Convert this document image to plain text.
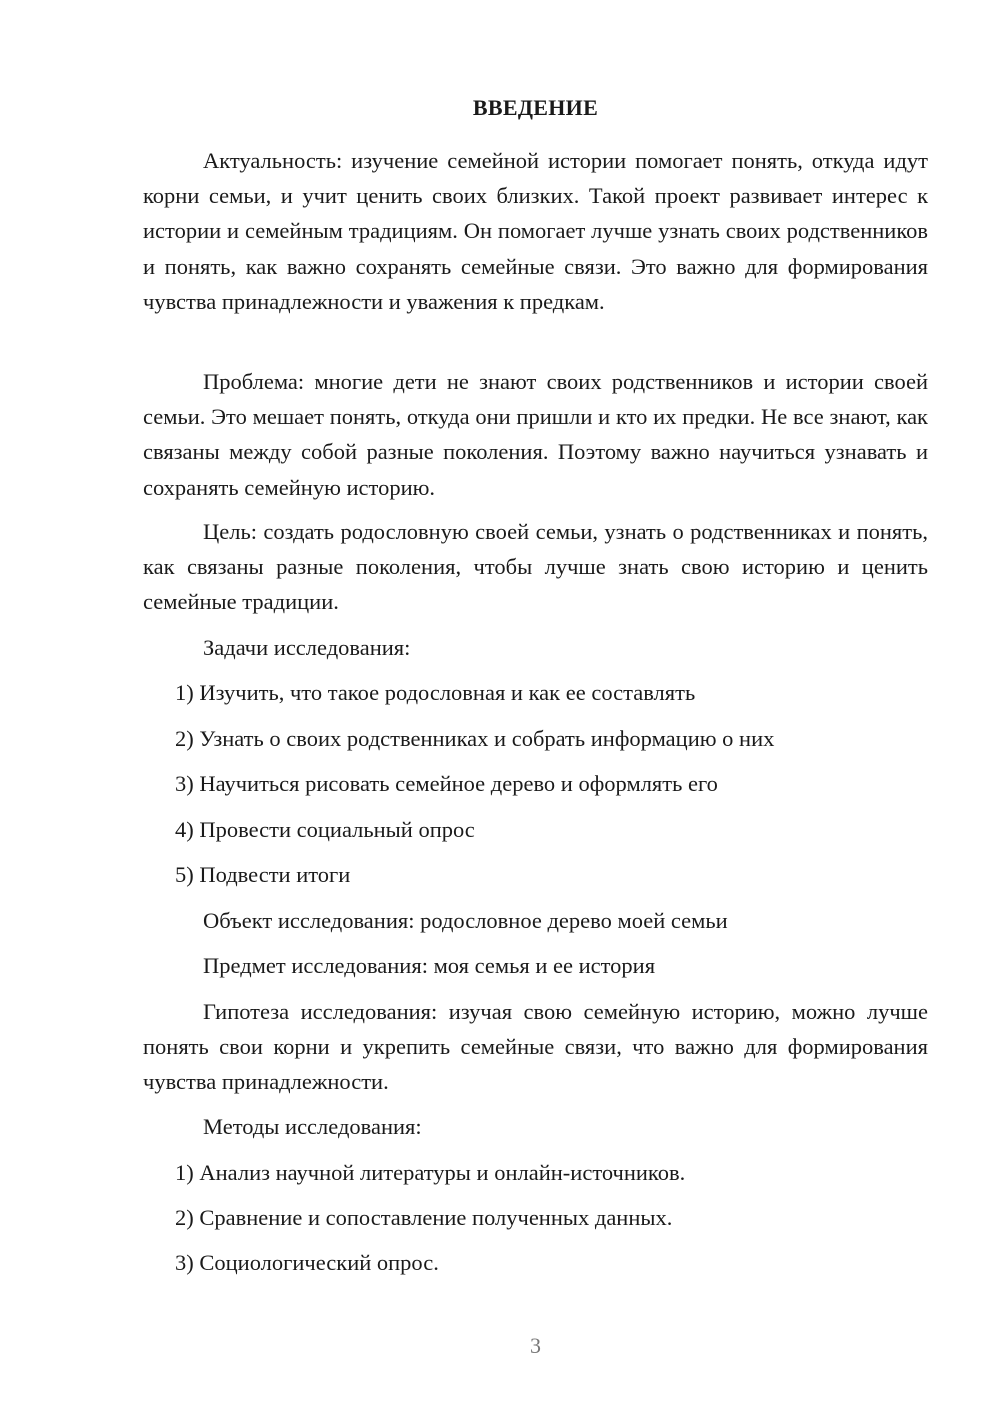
ВВЕДЕНИЕ

Актуальность: изучение семейной истории помогает понять, откуда идут корни семьи, и учит ценить своих близких. Такой проект развивает интерес к истории и семейным традициям. Он помогает лучше узнать своих родственников и понять, как важно сохранять семейные связи. Это важно для формирования чувства принадлежности и уважения к предкам.

Проблема: многие дети не знают своих родственников и истории своей семьи. Это мешает понять, откуда они пришли и кто их предки. Не все знают, как связаны между собой разные поколения. Поэтому важно научиться узнавать и сохранять семейную историю.

Цель: создать родословную своей семьи, узнать о родственниках и понять, как связаны разные поколения, чтобы лучше знать свою историю и ценить семейные традиции.

Задачи исследования:

1) Изучить, что такое родословная и как ее составлять

2) Узнать о своих родственниках и собрать информацию о них

3) Научиться рисовать семейное дерево и оформлять его

4) Провести социальный опрос

5) Подвести итоги

Объект исследования: родословное дерево моей семьи

Предмет исследования: моя семья и ее история

Гипотеза исследования: изучая свою семейную историю, можно лучше понять свои корни и укрепить семейные связи, что важно для формирования чувства принадлежности.

Методы исследования:

1) Анализ научной литературы и онлайн-источников.

2) Сравнение и сопоставление полученных данных.

3) Социологический опрос.

3
